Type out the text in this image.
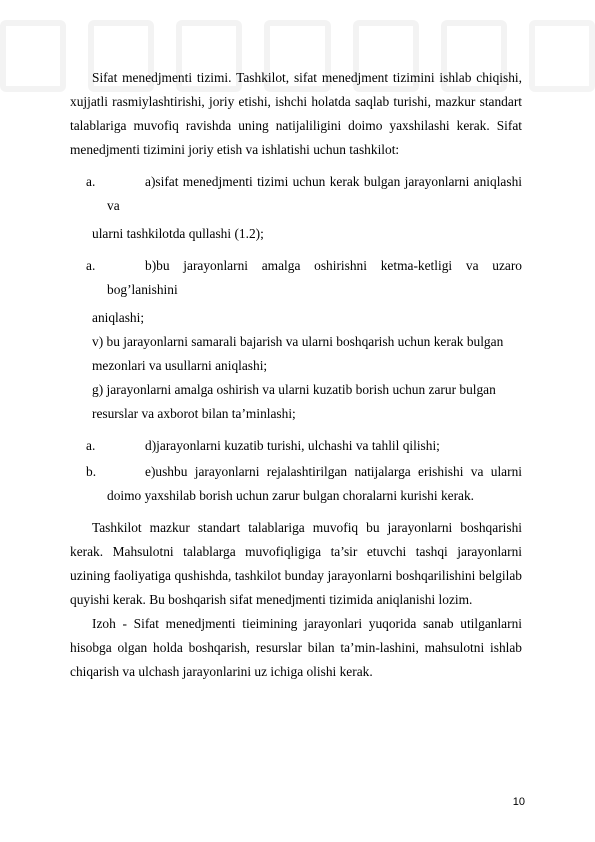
Sifat menedjmenti tizimi. Tashkilot, sifat menedjment tizimini ishlab chiqishi, xujjatli rasmiylashtirishi, joriy etishi, ishchi holatda saqlab turishi, mazkur standart talablariga muvofiq ravishda uning natijaliligini doimo yaxshilashi kerak. Sifat menedjmenti tizimini joriy etish va ishlatishi uchun tashkilot:

a.	a)sifat menedjmenti tizimi uchun kerak bulgan jarayonlarni aniqlashi va

ularni tashkilotda qullashi (1.2);

a.	b)bu jarayonlarni amalga oshirishni ketma-ketligi va uzaro bog’lanishini

aniqlashi;

v) bu jarayonlarni samarali bajarish va ularni boshqarish uchun kerak bulgan

mezonlari va usullarni aniqlashi;

g) jarayonlarni amalga oshirish va ularni kuzatib borish uchun zarur bulgan

resurslar va axborot bilan ta’minlashi;

a.	d)jarayonlarni kuzatib turishi, ulchashi va tahlil qilishi;
b.	e)ushbu jarayonlarni rejalashtirilgan natijalarga erishishi va ularni doimo yaxshilab borish uchun zarur bulgan choralarni kurishi kerak.

Tashkilot mazkur standart talablariga muvofiq bu jarayonlarni boshqarishi kerak. Mahsulotni talablarga muvofiqligiga ta’sir etuvchi tashqi jarayonlarni uzining faoliyatiga qushishda, tashkilot bunday jarayonlarni boshqarilishini belgilab quyishi kerak. Bu boshqarish sifat menedjmenti tizimida aniqlanishi lozim.

Izoh - Sifat menedjmenti tieimining jarayonlari yuqorida sanab utilganlarni hisobga olgan holda boshqarish, resurslar bilan ta’min-lashini, mahsulotni ishlab chiqarish va ulchash jarayonlarini uz ichiga olishi kerak.

10
